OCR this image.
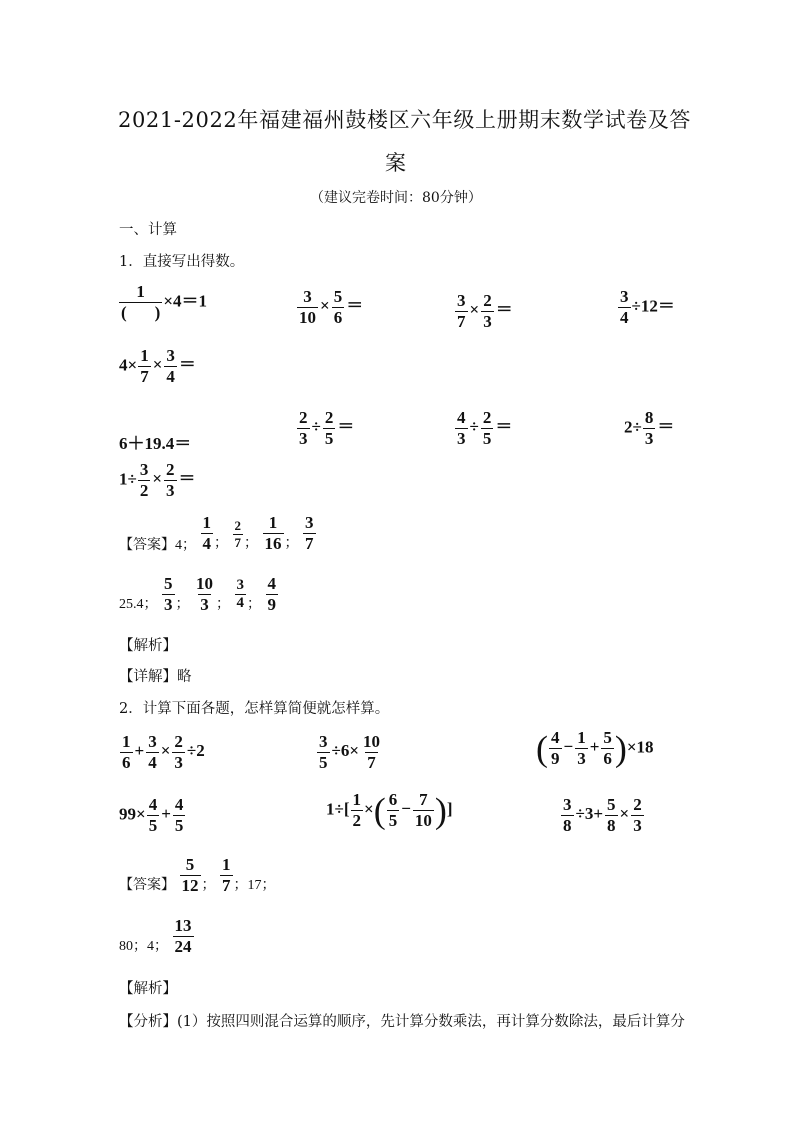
2021-2022年福建福州鼓楼区六年级上册期末数学试卷及答
案
（建议完卷时间：80分钟）
一、计算
1．直接写出得数。
$\frac{1}{( )} \times 4=1$	$\frac{3}{10} \times \frac{5}{6}$ ＝	$\frac{3}{7} \times \frac{2}{3}$ ＝	$\frac{3}{4} \div 12=$
$4\times \frac{1}{7} \times \frac{3}{4}$ ＝
6＋19.4＝	$\frac{2}{3} \div \frac{2}{5}$ ＝	$\frac{4}{3} \div \frac{2}{5}$ ＝	$2\div \frac{8}{3}$ ＝
$1\div \frac{3}{2} \times \frac{2}{3}$ ＝
【答案】4； $\frac{1}{4}$ ； $\frac{2}{7}$ ； $\frac{1}{16}$ ； $\frac{3}{7}$
25.4； $\frac{5}{3}$ ； $\frac{10}{3}$ ； $\frac{3}{4}$ ； $\frac{4}{9}$
【解析】
【详解】略
2．计算下面各题，怎样算简便就怎样算。
$\frac{1}{6} + \frac{3}{4} \times \frac{2}{3} \div 2$	$\frac{3}{5} \div 6\times \frac{10}{7}$	( $\frac{4}{9} - \frac{1}{3} + \frac{5}{6} )\times 18$
$99\times \frac{4}{5} + \frac{4}{5}$	$1\div[ \frac{1}{2}$ ×( $\frac{6}{5} - \frac{7}{10}$ )]	$\frac{3}{8} \div 3+ \frac{5}{8} \times \frac{2}{3}$
【答案】 $\frac{5}{12}$ ； $\frac{1}{7}$ ；17；
80；4； $\frac{13}{24}$
【解析】
【分析】(1）按照四则混合运算的顺序，先计算分数乘法，再计算分数除法，最后计算分
